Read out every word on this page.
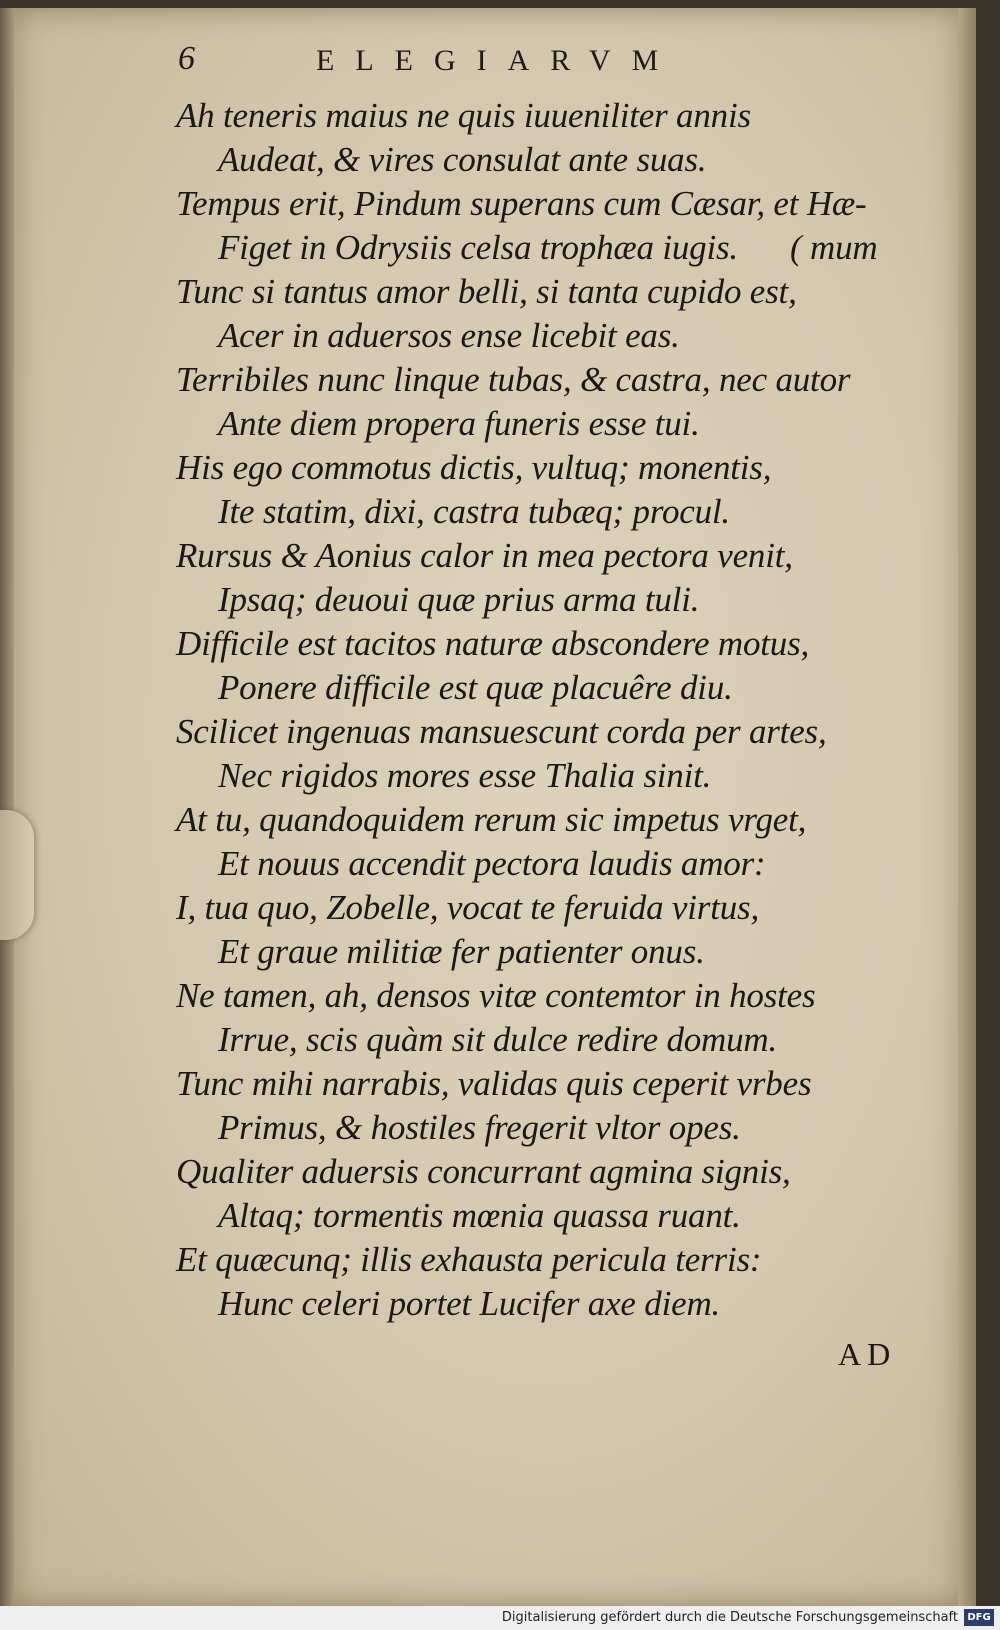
6	ELEGIARVM
Ah teneris maius ne quis iuueniliter annis
Audeat, & vires consulat ante suas.
Tempus erit, Pindum superans cum Cæsar, et Hæ-
Figet in Odrysiis celsa trophæa iugis. ( mum
Tunc si tantus amor belli, si tanta cupido est,
Acer in aduersos ense licebit eas.
Terribiles nunc linque tubas, & castra, nec autor
Ante diem propera funeris esse tui.
His ego commotus dictis, vultuq; monentis,
Ite statim, dixi, castra tubæq; procul.
Rursus & Aonius calor in mea pectora venit,
Ipsaq; deuoui quæ prius arma tuli.
Difficile est tacitos naturæ abscondere motus,
Ponere difficile est quæ placuêre diu.
Scilicet ingenuas mansuescunt corda per artes,
Nec rigidos mores esse Thalia sinit.
At tu, quandoquidem rerum sic impetus vrget,
Et nouus accendit pectora laudis amor:
I, tua quo, Zobelle, vocat te feruida virtus,
Et graue militiæ fer patienter onus.
Ne tamen, ah, densos vitæ contemtor in hostes
Irrue, scis quàm sit dulce redire domum.
Tunc mihi narrabis, validas quis ceperit vrbes
Primus, & hostiles fregerit vltor opes.
Qualiter aduersis concurrant agmina signis,
Altaq; tormentis mœnia quassa ruant.
Et quæcunq; illis exhausta pericula terris:
Hunc celeri portet Lucifer axe diem.
AD
Digitalisierung gefördert durch die Deutsche Forschungsgemeinschaft DFG
